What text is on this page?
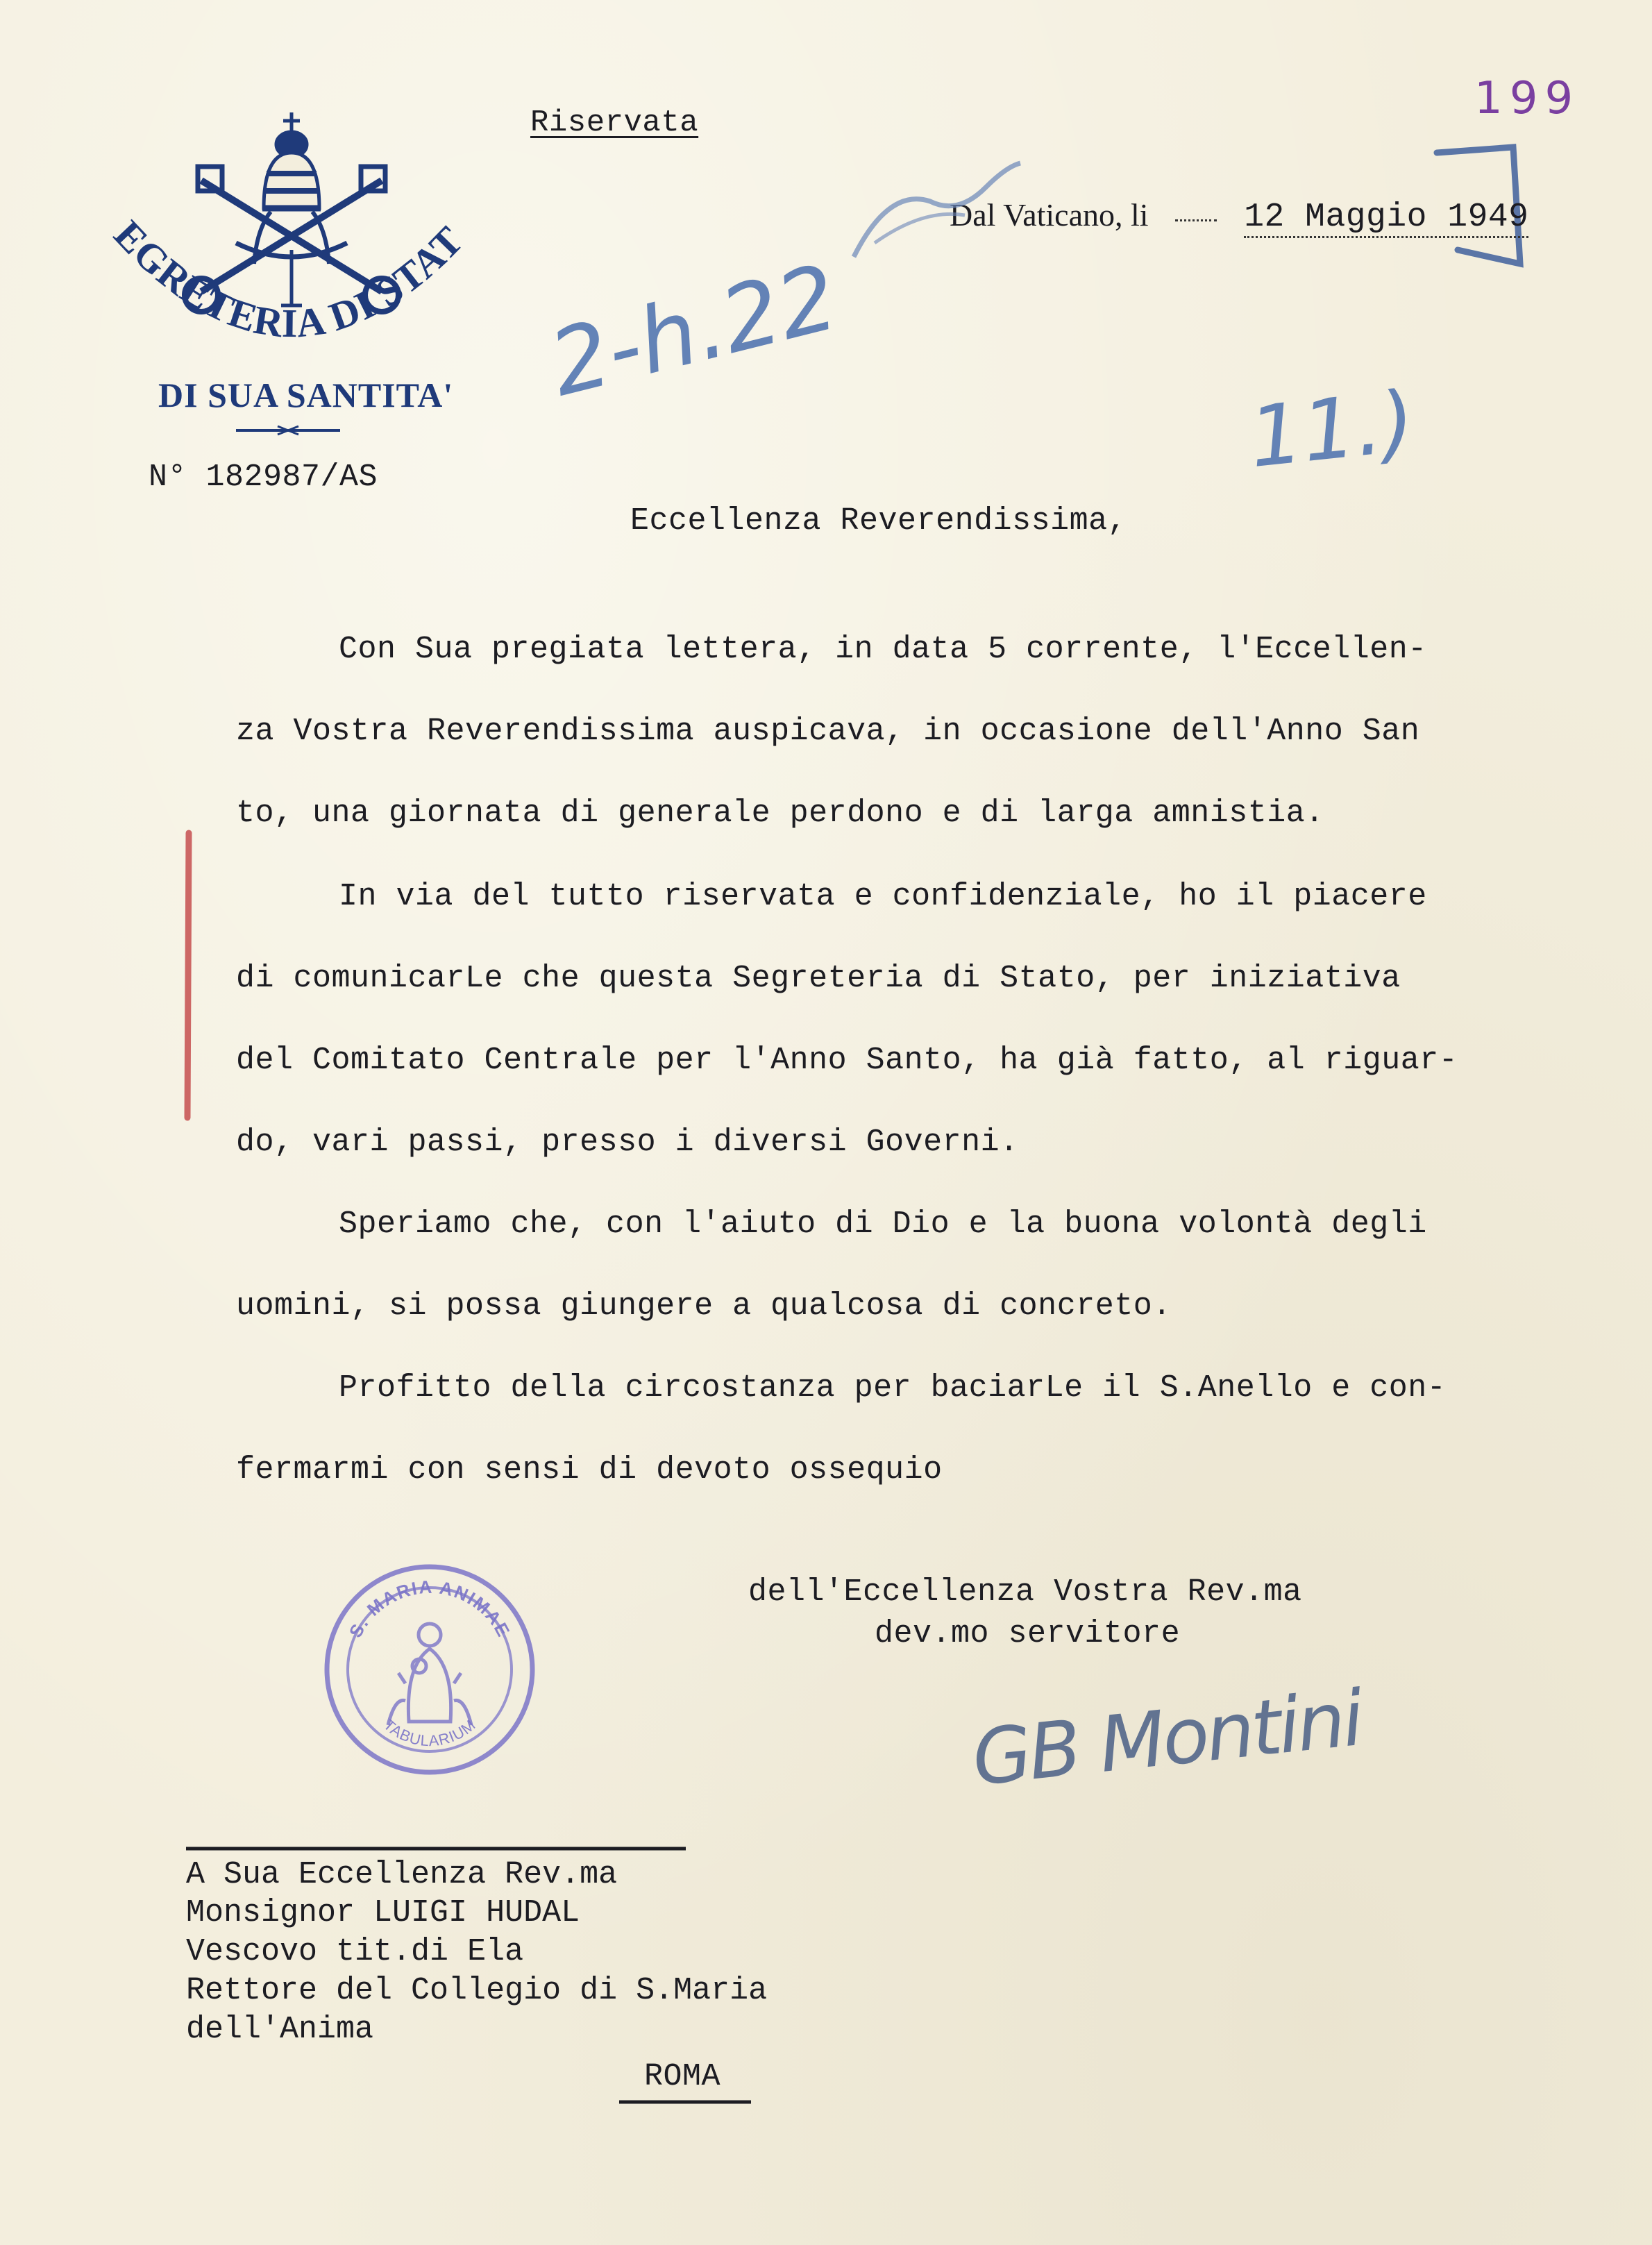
SEGRETERIA DI STATO
DI SUA SANTITA'
N° 182987/AS
Riservata	199
Dal Vaticano, li	12 Maggio 1949
2-h.22
11.)
Eccellenza Reverendissima,
Con Sua pregiata lettera, in data 5 corrente, l'Eccellen-
za Vostra Reverendissima auspicava, in occasione dell'Anno San
to, una giornata di generale perdono e di larga amnistia.
In via del tutto riservata e confidenziale, ho il piacere
di comunicarLe che questa Segreteria di Stato, per iniziativa
del Comitato Centrale per l'Anno Santo, ha già fatto, al riguar-
do, vari passi, presso i diversi Governi.
Speriamo che, con l'aiuto di Dio e la buona volontà degli
uomini, si possa giungere a qualcosa di concreto.
Profitto della circostanza per baciarLe il S.Anello e con-
fermarmi con sensi di devoto ossequio
dell'Eccellenza Vostra Rev.ma
dev.mo servitore
GB Montini
S. MARIA ANIMAE
TABULARIUM
A Sua Eccellenza Rev.ma
Monsignor LUIGI HUDAL
Vescovo tit.di Ela
Rettore del Collegio di S.Maria
dell'Anima
ROMA
